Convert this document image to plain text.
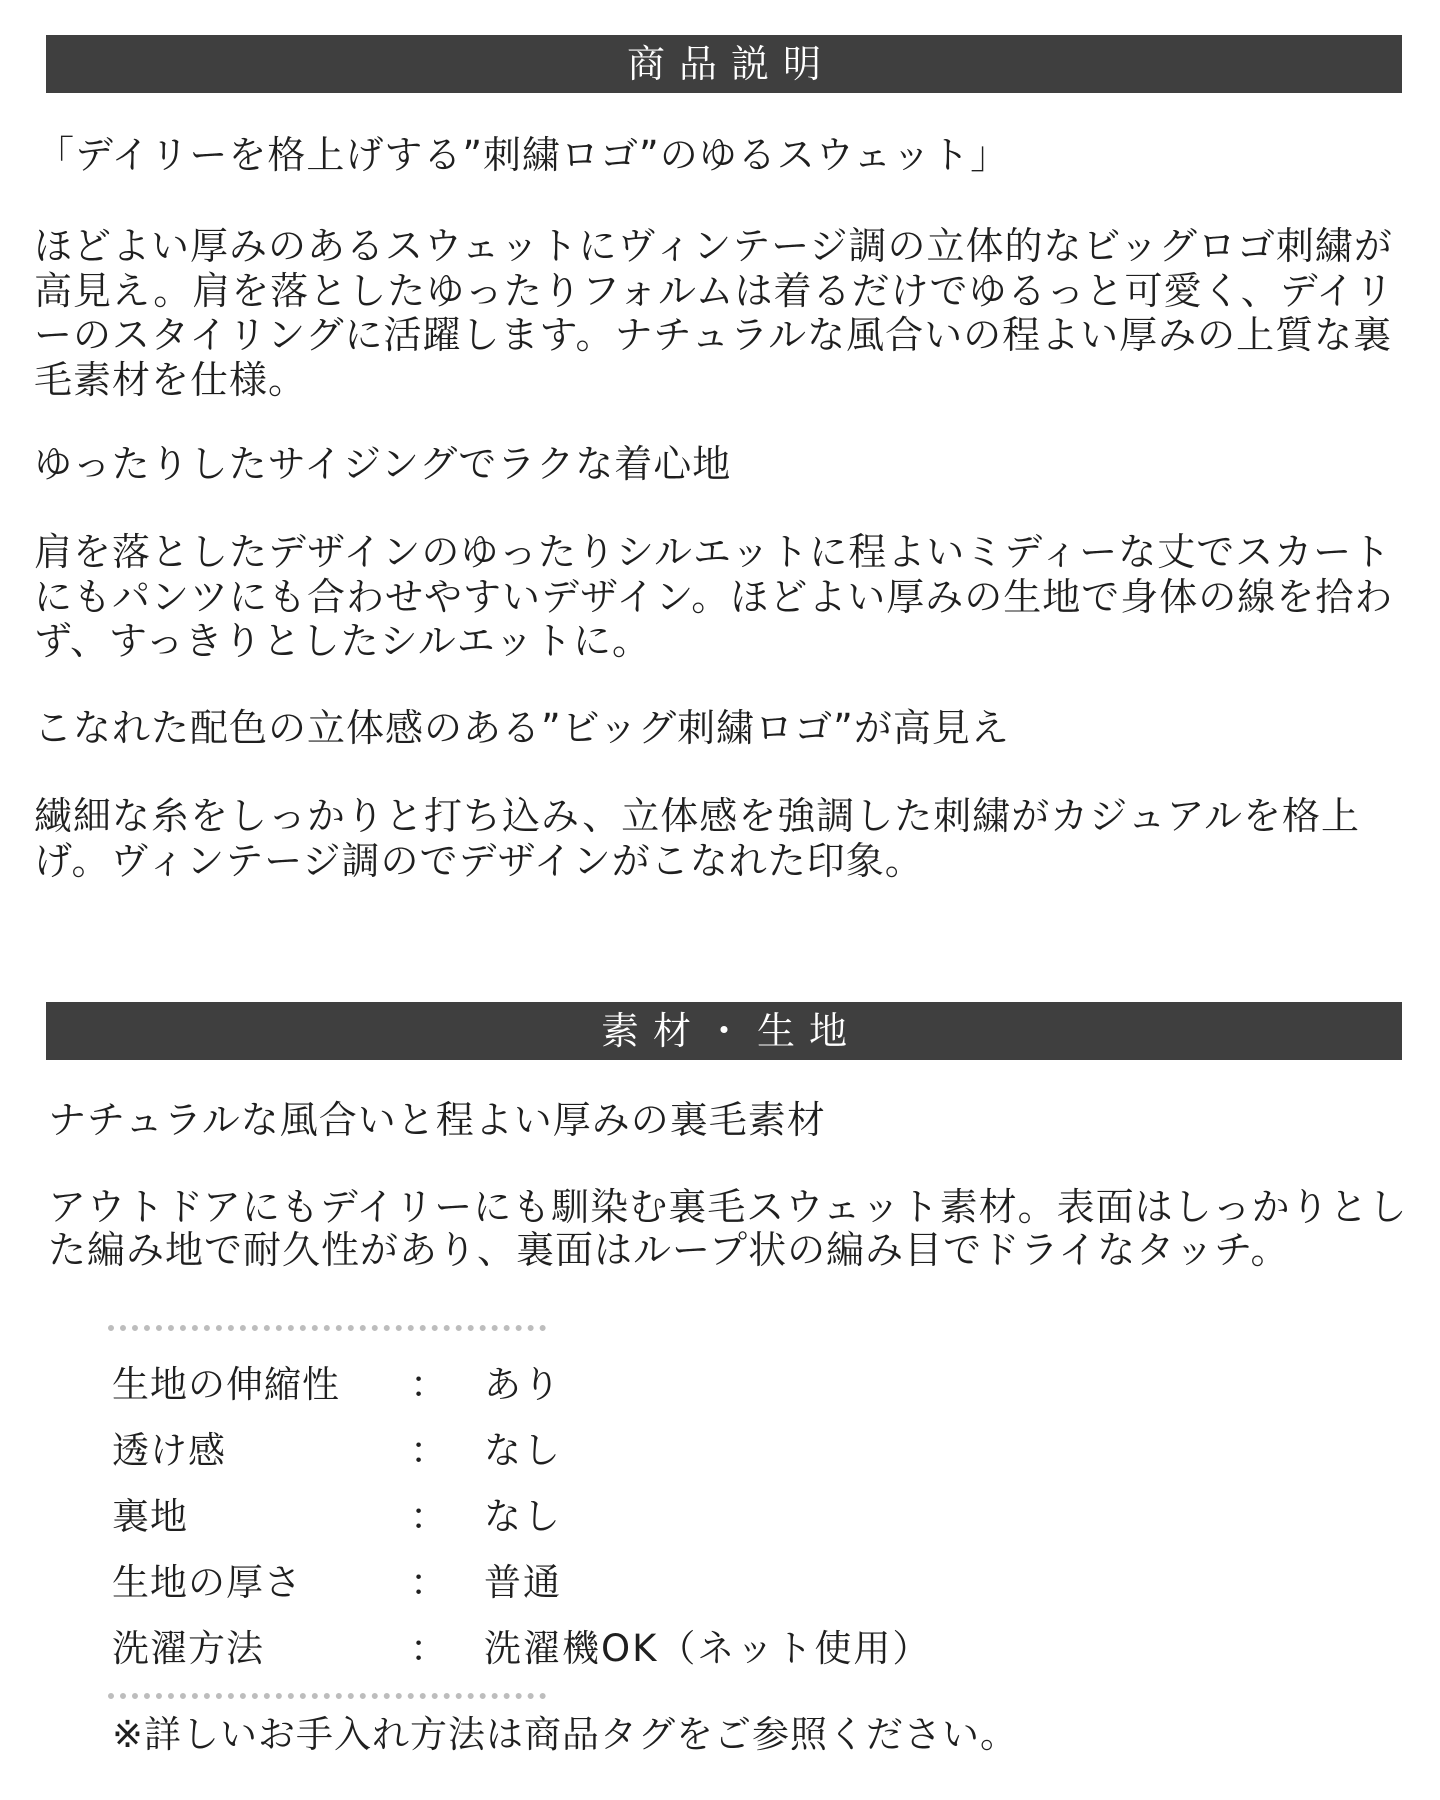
商品説明

「デイリーを格上げする”刺繍ロゴ”のゆるスウェット」

ほどよい厚みのあるスウェットにヴィンテージ調の立体的なビッグロゴ刺繍が高見え。肩を落としたゆったりフォルムは着るだけでゆるっと可愛く、デイリーのスタイリングに活躍します。ナチュラルな風合いの程よい厚みの上質な裏毛素材を仕様。

ゆったりしたサイジングでラクな着心地

肩を落としたデザインのゆったりシルエットに程よいミディーな丈でスカートにもパンツにも合わせやすいデザイン。ほどよい厚みの生地で身体の線を拾わず、すっきりとしたシルエットに。

こなれた配色の立体感のある”ビッグ刺繍ロゴ”が高見え

繊細な糸をしっかりと打ち込み、立体感を強調した刺繍がカジュアルを格上げ。ヴィンテージ調のでデザインがこなれた印象。

素材・生地

ナチュラルな風合いと程よい厚みの裏毛素材

アウトドアにもデイリーにも馴染む裏毛スウェット素材。表面はしっかりとした編み地で耐久性があり、裏面はループ状の編み目でドライなタッチ。

生地の伸縮性 ： あり
透け感	： なし
裏地	： なし
生地の厚さ	： 普通
洗濯方法	： 洗濯機OK（ネット使用）

※詳しいお手入れ方法は商品タグをご参照ください。
